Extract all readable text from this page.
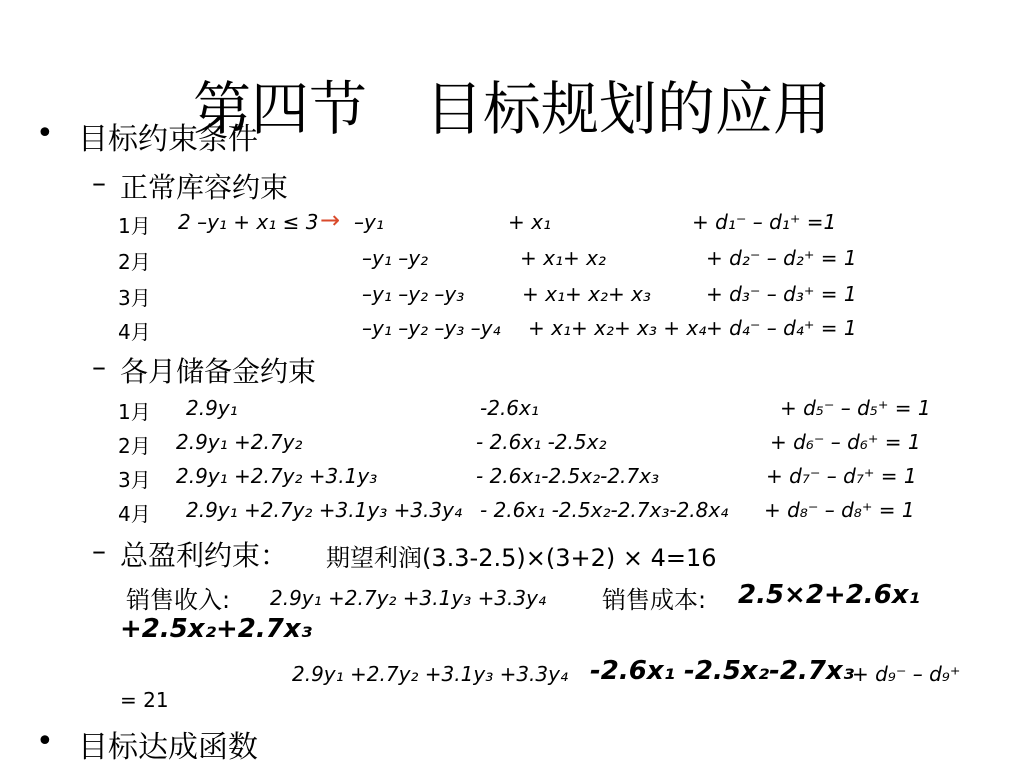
第四节　目标规划的应用
• 目标约束条件
– 正常库容约束
1月 2 –y₁ + x₁ ≤ 3 → –y₁	+ x₁	+ d₁⁻ – d₁⁺ =1
2月	–y₁ –y₂	+ x₁+ x₂	+ d₂⁻ – d₂⁺ = 1
3月	–y₁ –y₂ –y₃	+ x₁+ x₂+ x₃	+ d₃⁻ – d₃⁺ = 1
4月	–y₁ –y₂ –y₃ –y₄ + x₁+ x₂+ x₃ + x₄ + d₄⁻ – d₄⁺ = 1
– 各月储备金约束
1月 2.9y₁	-2.6x₁	+ d₅⁻ – d₅⁺ = 1
2月 2.9y₁ +2.7y₂	- 2.6x₁ -2.5x₂	+ d₆⁻ – d₆⁺ = 1
3月 2.9y₁ +2.7y₂ +3.1y₃	- 2.6x₁-2.5x₂-2.7x₃	+ d₇⁻ – d₇⁺ = 1
4月 2.9y₁ +2.7y₂ +3.1y₃ +3.3y₄ - 2.6x₁ -2.5x₂-2.7x₃-2.8x₄ + d₈⁻ – d₈⁺ = 1
– 总盈利约束： 期望利润(3.3-2.5)×(3+2) × 4=16
销售收入: 2.9y₁ +2.7y₂ +3.1y₃ +3.3y₄ 销售成本: 2.5×2+2.6x₁
+2.5x₂+2.7x₃
2.9y₁ +2.7y₂ +3.1y₃ +3.3y₄ -2.6x₁ -2.5x₂-2.7x₃
+ d₉⁻ – d₉⁺
= 21
• 目标达成函数
